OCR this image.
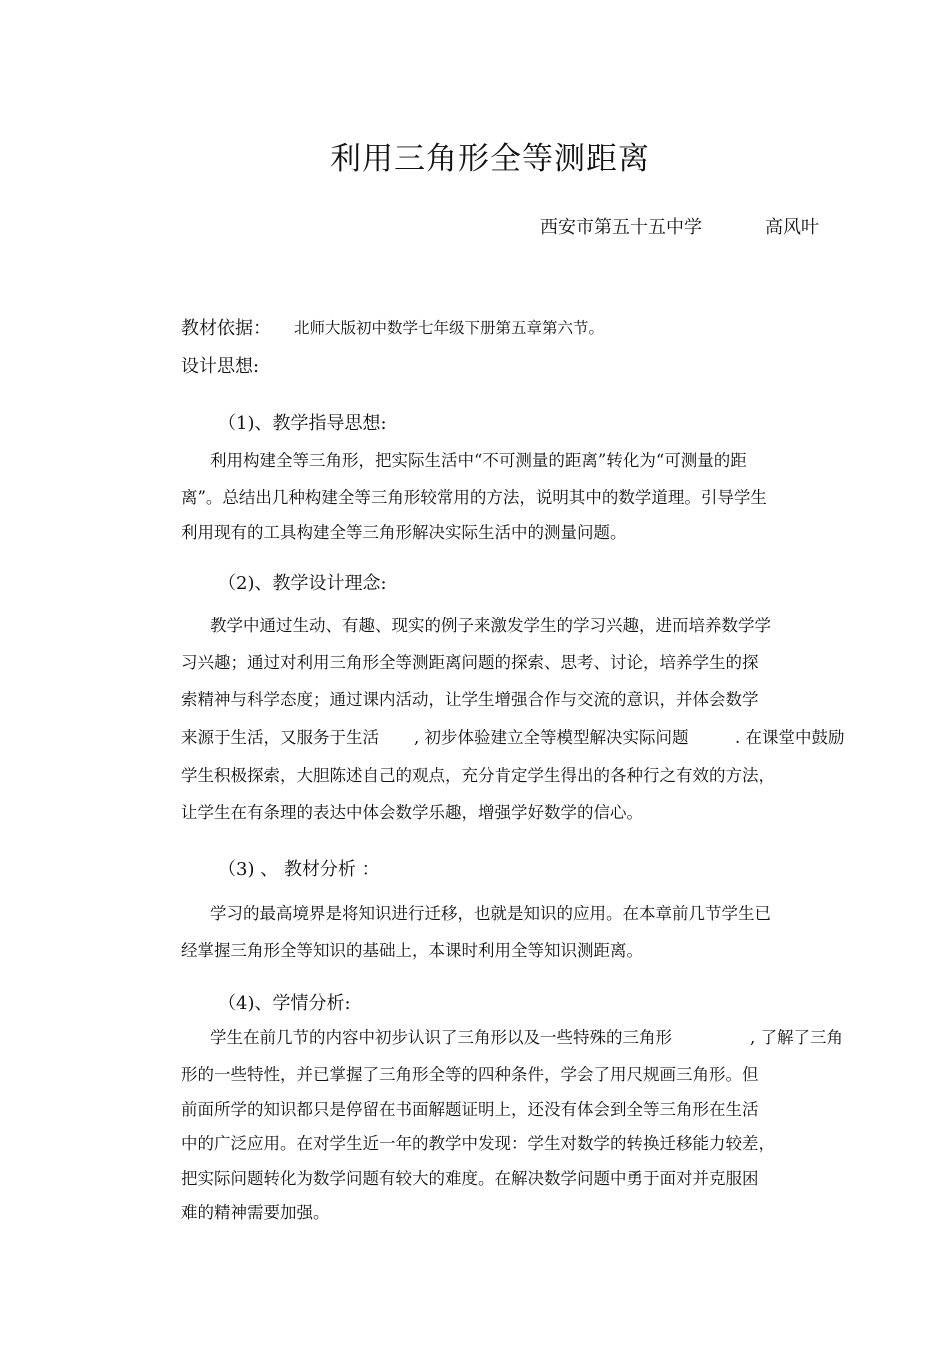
利用三角形全等测距离
西安市第五十五中学	高风叶
教材依据： 北师大版初中数学七年级下册第五章第六节。
设计思想:
（1)、教学指导思想:
利用构建全等三角形，把实际生活中“不可测量的距离”转化为“可测量的距
离”。总结出几种构建全等三角形较常用的方法，说明其中的数学道理。引导学生
利用现有的工具构建全等三角形解决实际生活中的测量问题。
（2)、教学设计理念:
教学中通过生动、有趣、现实的例子来激发学生的学习兴趣，进而培养数学学
习兴趣；通过对利用三角形全等测距离问题的探索、思考、讨论，培养学生的探
索精神与科学态度；通过课内活动，让学生增强合作与交流的意识，并体会数学
来源于生活，又服务于生活 , 初步体验建立全等模型解决实际问题	. 在课堂中鼓励
学生积极探索，大胆陈述自己的观点，充分肯定学生得出的各种行之有效的方法，
让学生在有条理的表达中体会数学乐趣，增强学好数学的信心。
（3) 、 教材分析 ：
学习的最高境界是将知识进行迁移，也就是知识的应用。在本章前几节学生已
经掌握三角形全等知识的基础上，本课时利用全等知识测距离。
（4)、学情分析:
学生在前几节的内容中初步认识了三角形以及一些特殊的三角形	, 了解了三角
形的一些特性，并已掌握了三角形全等的四种条件，学会了用尺规画三角形。但
前面所学的知识都只是停留在书面解题证明上，还没有体会到全等三角形在生活
中的广泛应用。在对学生近一年的教学中发现：学生对数学的转换迁移能力较差，
把实际问题转化为数学问题有较大的难度。在解决数学问题中勇于面对并克服困
难的精神需要加强。
